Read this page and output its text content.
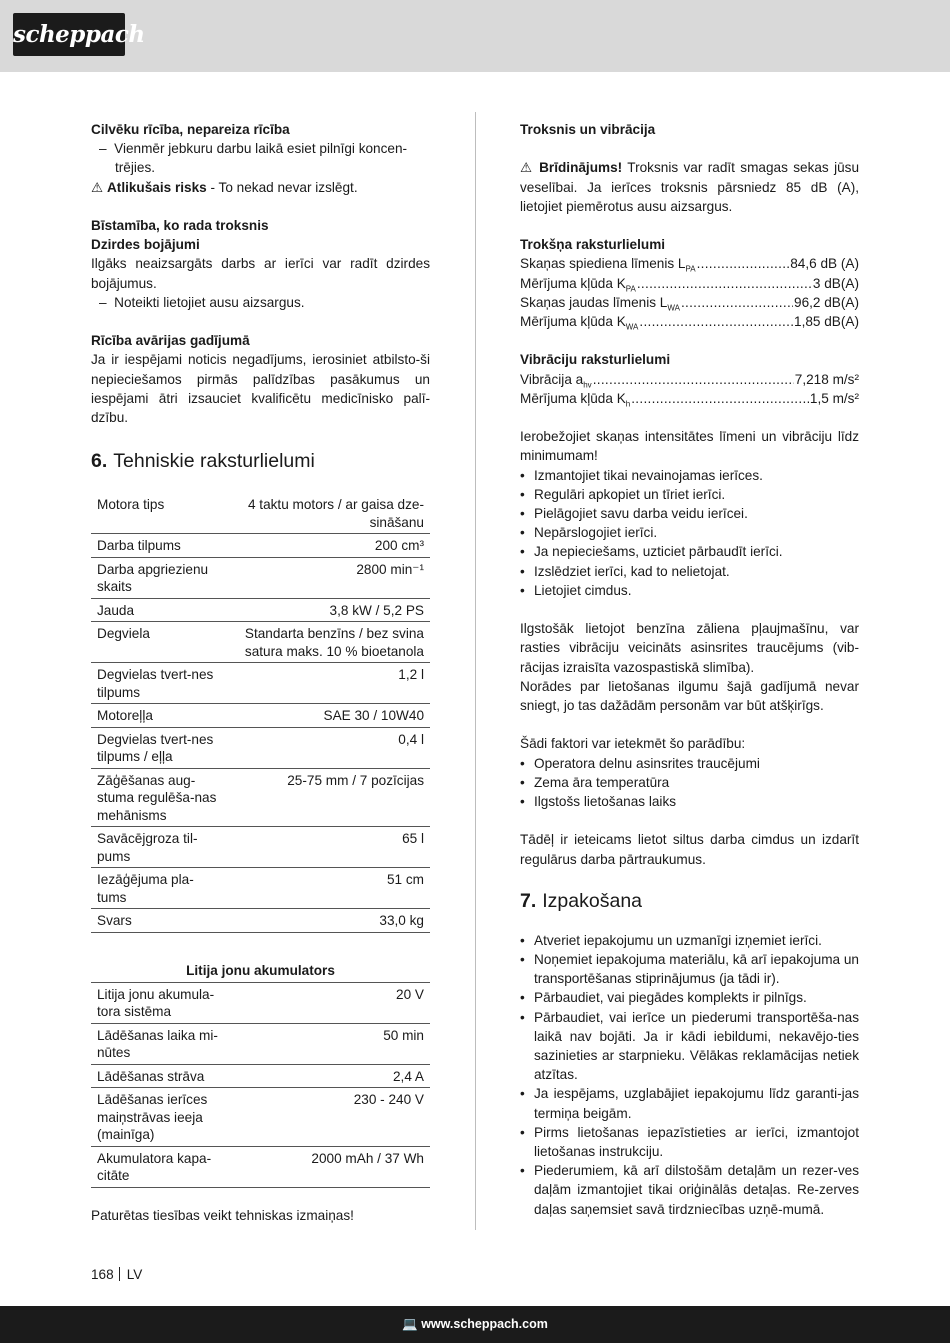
scheppach
Cilvēku rīcība, nepareiza rīcība
–  Vienmēr jebkuru darbu laikā esiet pilnīgi koncen-trējies.
⚠ Atlikušais risks - To nekad nevar izslēgt.
Bīstamība, ko rada troksnis
Dzirdes bojājumi
Ilgāks neaizsargāts darbs ar ierīci var radīt dzirdes bojājumus.
–  Noteikti lietojiet ausu aizsargus.
Rīcība avārijas gadījumā
Ja ir iespējami noticis negadījums, ierosiniet atbilsto-ši nepieciešamos pirmās palīdzības pasākumus un iespējami ātri izsauciet kvalificētu medicīnisko palī-dzību.
6. Tehniskie raksturlielumi
Motora tips	4 taktu motors / ar gaisa dze-sināšanu
Darba tilpums	200 cm³
Darba apgriezienu skaits	2800 min⁻¹
Jauda	3,8 kW / 5,2 PS
Degviela	Standarta benzīns / bez svina satura maks. 10 % bioetanola
Degvielas tvert-nes tilpums	1,2 l
Motoreļļa	SAE 30 / 10W40
Degvielas tvert-nes tilpums / eļļa	0,4 l
Zāģēšanas aug-stuma regulēša-nas mehānisms	25-75 mm / 7 pozīcijas
Savācējgroza til-pums	65 l
Iezāģējuma pla-tums	51 cm
Svars	33,0 kg
Litija jonu akumulators
Litija jonu akumula-tora sistēma	20 V
Lādēšanas laika mi-nūtes	50 min
Lādēšanas strāva	2,4 A
Lādēšanas ierīces maiņstrāvas ieeja (mainīga)	230 - 240 V
Akumulatora kapa-citāte	2000 mAh / 37 Wh
Paturētas tiesības veikt tehniskas izmaiņas!
Troksnis un vibrācija
⚠ Brīdinājums! Troksnis var radīt smagas sekas jūsu veselībai. Ja ierīces troksnis pārsniedz 85 dB (A), lietojiet piemērotus ausu aizsargus.
Trokšņa raksturlielumi
Skaņas spiediena līmenis $L_{PA}$ .....	84,6 dB (A)
Mērījuma kļūda $K_{PA}$ .....	3 dB(A)
Skaņas jaudas līmenis $L_{WA}$ .....	96,2 dB(A)
Mērījuma kļūda $K_{WA}$ .....	1,85 dB(A)
Vibrāciju raksturlielumi
Vibrācija $a_{hv}$ .....	7,218 m/s²
Mērījuma kļūda $K_h$ .....	1,5 m/s²
Ierobežojiet skaņas intensitātes līmeni un vibrāciju līdz minimumam!
• Izmantojiet tikai nevainojamas ierīces.
• Regulāri apkopiet un tīriet ierīci.
• Pielāgojiet savu darba veidu ierīcei.
• Nepārslogojiet ierīci.
• Ja nepieciešams, uzticiet pārbaudīt ierīci.
• Izslēdziet ierīci, kad to nelietojat.
• Lietojiet cimdus.
Ilgstošāk lietojot benzīna zāliena pļaujmašīnu, var rasties vibrāciju veicināts asinsrites traucējums (vib-rācijas izraisīta vazospastiskā slimība).
Norādes par lietošanas ilgumu šajā gadījumā nevar sniegt, jo tas dažādām personām var būt atšķirīgs.
Šādi faktori var ietekmēt šo parādību:
• Operatora delnu asinsrites traucējumi
• Zema āra temperatūra
• Ilgstošs lietošanas laiks
Tādēļ ir ieteicams lietot siltus darba cimdus un izdarīt regulārus darba pārtraukumus.
7. Izpakošana
• Atveriet iepakojumu un uzmanīgi izņemiet ierīci.
• Noņemiet iepakojuma materiālu, kā arī iepakojuma un transportēšanas stiprinājumus (ja tādi ir).
• Pārbaudiet, vai piegādes komplekts ir pilnīgs.
• Pārbaudiet, vai ierīce un piederumi transportēša-nas laikā nav bojāti. Ja ir kādi iebildumi, nekavējo-ties sazinieties ar starpnieku. Vēlākas reklamācijas netiek atzītas.
• Ja iespējams, uzglabājiet iepakojumu līdz garanti-jas termiņa beigām.
• Pirms lietošanas iepazīstieties ar ierīci, izmantojot lietošanas instrukciju.
• Piederumiem, kā arī dilstošām detaļām un rezer-ves daļām izmantojiet tikai oriģinālās detaļas. Re-zerves daļas saņemsiet savā tirdzniecības uzņē-mumā.
168 LV
💻 www.scheppach.com
